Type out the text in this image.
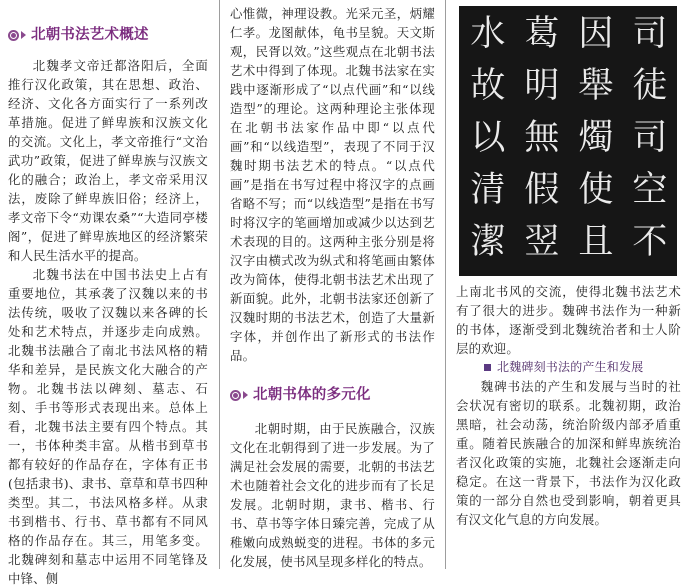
北朝书法艺术概述

北魏孝文帝迁都洛阳后，全面推行汉化政策，其在思想、政治、经济、文化各方面实行了一系列改革措施。促进了鲜卑族和汉族文化的交流。文化上，孝文帝推行“文治武功”政策，促进了鲜卑族与汉族文化的融合；政治上，孝文帝采用汉法，废除了鲜卑族旧俗；经济上，孝文帝下令“劝课农桑”“大造同亭楼阁”，促进了鲜卑族地区的经济繁荣和人民生活水平的提高。

北魏书法在中国书法史上占有重要地位，其承袭了汉魏以来的书法传统，吸收了汉魏以来各碑的长处和艺术特点，并逐步走向成熟。北魏书法融合了南北书法风格的精华和差异，是民族文化大融合的产物。北魏书法以碑刻、墓志、石刻、手书等形式表现出来。总体上看，北魏书法主要有四个特点。其一，书体种类丰富。从楷书到草书都有较好的作品存在，字体有正书(包括隶书)、隶书、章草和草书四种类型。其二，书法风格多样。从隶书到楷书、行书、草书都有不同风格的作品存在。其三，用笔多变。北魏碑刻和墓志中运用不同笔锋及中锋、侧

心惟微，神理设教。光采元圣，炳耀仁孝。龙图献体，龟书呈貌。天文斯观，民胥以效。”这些观点在北朝书法艺术中得到了体现。北魏书法家在实践中逐渐形成了“以点代画”和“以线造型”的理论。这两种理论主张体现在北朝书法家作品中即“以点代画”和“以线造型”，表现了不同于汉魏时期书法艺术的特点。“以点代画”是指在书写过程中将汉字的点画省略不写；而“以线造型”是指在书写时将汉字的笔画增加或减少以达到艺术表现的目的。这两种主张分别是将汉字由横式改为纵式和将笔画由繁体改为简体，使得北朝书法艺术出现了新面貌。此外，北朝书法家还创新了汉魏时期的书法艺术，创造了大量新字体，并创作出了新形式的书法作品。

北朝书体的多元化

北朝时期，由于民族融合，汉族文化在北朝得到了进一步发展。为了满足社会发展的需要，北朝的书法艺术也随着社会文化的进步而有了长足发展。北朝时期，隶书、楷书、行书、草书等字体日臻完善，完成了从稚嫩向成熟蜕变的进程。书体的多元化发展，使书风呈现多样化的特点。

水
故
以
清
潔
葛
明
無
假
翌
因
舉
燭
使
且
司
徒
司
空
不

上南北书风的交流，使得北魏书法艺术有了很大的进步。魏碑书法作为一种新的书体，逐渐受到北魏统治者和士人阶层的欢迎。

北魏碑刻书法的产生和发展

魏碑书法的产生和发展与当时的社会状况有密切的联系。北魏初期，政治黑暗，社会动荡，统治阶级内部矛盾重重。随着民族融合的加深和鲜卑族统治者汉化政策的实施，北魏社会逐渐走向稳定。在这一背景下，书法作为汉化政策的一部分自然也受到影响，朝着更具有汉文化气息的方向发展。
